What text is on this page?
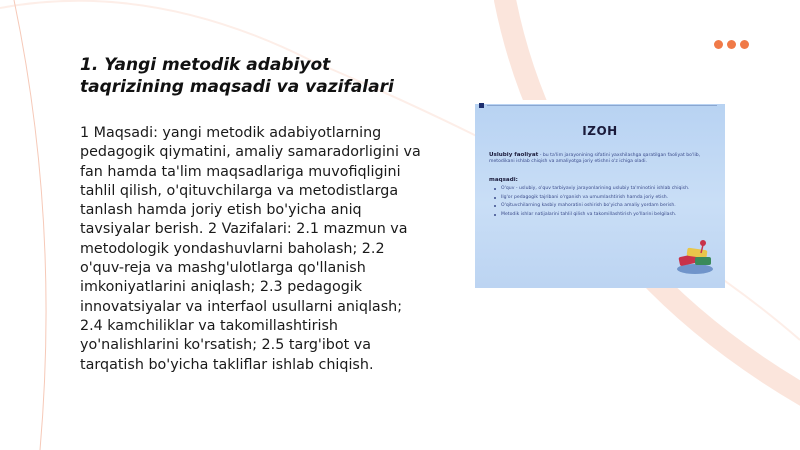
1. Yangi metodik adabiyot taqrizining maqsadi va vazifalari

1 Maqsadi: yangi metodik adabiyotlarning pedagogik qiymatini, amaliy samaradorligini va fan hamda ta'lim maqsadlariga muvofiqligini tahlil qilish, o'qituvchilarga va metodistlarga tanlash hamda joriy etish bo'yicha aniq tavsiyalar berish. 2 Vazifalari: 2.1 mazmun va metodologik yondashuvlarni baholash; 2.2 o'quv-reja va mashg'ulotlarga qo'llanish imkoniyatlarini aniqlash; 2.3 pedagogik innovatsiyalar va interfaol usullarni aniqlash; 2.4 kamchiliklar va takomillashtirish yo'nalishlarini ko'rsatish; 2.5 targ'ibot va tarqatish bo'yicha takliflar ishlab chiqish.

IZOH
Uslubiy faoliyat - bu ta'lim jarayonining sifatini yaxshilashga qaratilgan faoliyat bo'lib, metodikani ishlab chiqish va amaliyotga joriy etishni o'z ichiga oladi.
maqsadi:
O'quv - uslubiy, o'quv tarbiyaviy jarayonlarining uslubiy ta'minotini ishlab chiqish.
Ilg'or pedagogik tajribani o'rganish va umumlashtirish hamda joriy etish.
O'qituvchilarning kasbiy mahoratini oshirish bo'yicha amaliy yordam berish.
Metodik ishlar natijalarini tahlil qilish va takomillashtirish yo'llarini belgilash.
